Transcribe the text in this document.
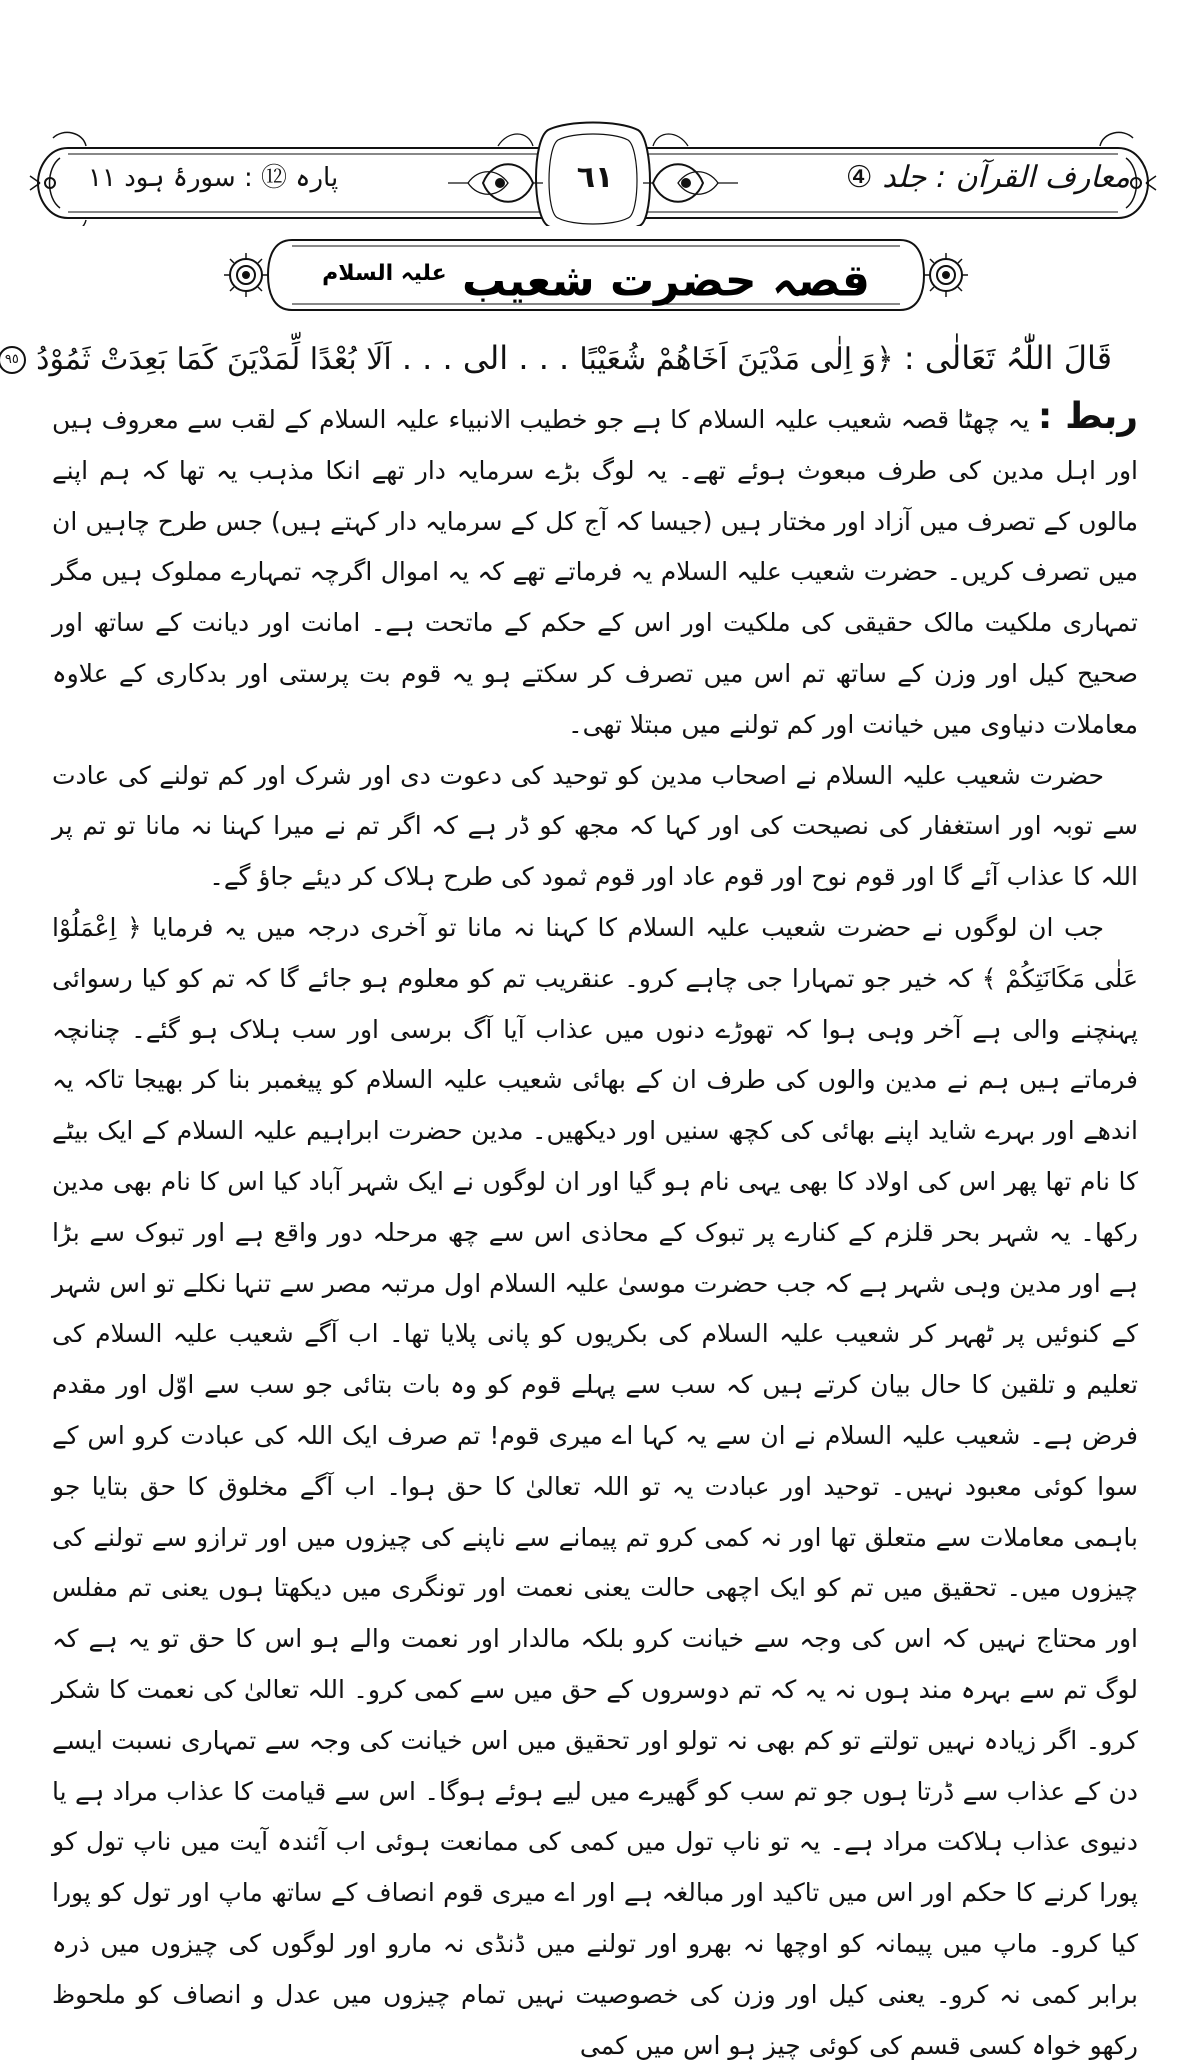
معارف القرآن : جلد ④
٦١
پارہ ⑫ : سورۂ ہود ١١
قصہ حضرت شعیب $^{علیہ السلام}$
قَالَ اللّٰہُ تَعَالٰی : ﴿وَ اِلٰی مَدْیَنَ اَخَاھُمْ شُعَیْبًا . . . الی . . . اَلَا بُعْدًا لِّمَدْیَنَ کَمَا بَعِدَتْ ثَمُوْدُ ٩٥

ربط : یہ چھٹا قصہ شعیب علیہ السلام کا ہے جو خطیب الانبیاء علیہ السلام کے لقب سے معروف ہیں اور اہل مدین کی طرف مبعوث ہوئے تھے۔ یہ لوگ بڑے سرمایہ دار تھے انکا مذہب یہ تھا کہ ہم اپنے مالوں کے تصرف میں آزاد اور مختار ہیں (جیسا کہ آج کل کے سرمایہ دار کہتے ہیں) جس طرح چاہیں ان میں تصرف کریں۔ حضرت شعیب علیہ السلام یہ فرماتے تھے کہ یہ اموال اگرچہ تمہارے مملوک ہیں مگر تمہاری ملکیت مالک حقیقی کی ملکیت اور اس کے حکم کے ماتحت ہے۔ امانت اور دیانت کے ساتھ اور صحیح کیل اور وزن کے ساتھ تم اس میں تصرف کر سکتے ہو یہ قوم بت پرستی اور بدکاری کے علاوہ معاملات دنیاوی میں خیانت اور کم تولنے میں مبتلا تھی۔

حضرت شعیب علیہ السلام نے اصحاب مدین کو توحید کی دعوت دی اور شرک اور کم تولنے کی عادت سے توبہ اور استغفار کی نصیحت کی اور کہا کہ مجھ کو ڈر ہے کہ اگر تم نے میرا کہنا نہ مانا تو تم پر اللہ کا عذاب آئے گا اور قوم نوح اور قوم عاد اور قوم ثمود کی طرح ہلاک کر دیئے جاؤ گے۔

جب ان لوگوں نے حضرت شعیب علیہ السلام کا کہنا نہ مانا تو آخری درجہ میں یہ فرمایا ﴿ اِعْمَلُوْا عَلٰی مَکَانَتِکُمْ ﴾ کہ خیر جو تمہارا جی چاہے کرو۔ عنقریب تم کو معلوم ہو جائے گا کہ تم کو کیا رسوائی پہنچنے والی ہے آخر وہی ہوا کہ تھوڑے دنوں میں عذاب آیا آگ برسی اور سب ہلاک ہو گئے۔ چنانچہ فرماتے ہیں ہم نے مدین والوں کی طرف ان کے بھائی شعیب علیہ السلام کو پیغمبر بنا کر بھیجا تاکہ یہ اندھے اور بہرے شاید اپنے بھائی کی کچھ سنیں اور دیکھیں۔ مدین حضرت ابراہیم علیہ السلام کے ایک بیٹے کا نام تھا پھر اس کی اولاد کا بھی یہی نام ہو گیا اور ان لوگوں نے ایک شہر آباد کیا اس کا نام بھی مدین رکھا۔ یہ شہر بحر قلزم کے کنارے پر تبوک کے محاذی اس سے چھ مرحلہ دور واقع ہے اور تبوک سے بڑا ہے اور مدین وہی شہر ہے کہ جب حضرت موسیٰ علیہ السلام اول مرتبہ مصر سے تنہا نکلے تو اس شہر کے کنوئیں پر ٹھہر کر شعیب علیہ السلام کی بکریوں کو پانی پلایا تھا۔ اب آگے شعیب علیہ السلام کی تعلیم و تلقین کا حال بیان کرتے ہیں کہ سب سے پہلے قوم کو وہ بات بتائی جو سب سے اوّل اور مقدم فرض ہے۔ شعیب علیہ السلام نے ان سے یہ کہا اے میری قوم! تم صرف ایک اللہ کی عبادت کرو اس کے سوا کوئی معبود نہیں۔ توحید اور عبادت یہ تو اللہ تعالیٰ کا حق ہوا۔ اب آگے مخلوق کا حق بتایا جو باہمی معاملات سے متعلق تھا اور نہ کمی کرو تم پیمانے سے ناپنے کی چیزوں میں اور ترازو سے تولنے کی چیزوں میں۔ تحقیق میں تم کو ایک اچھی حالت یعنی نعمت اور تونگری میں دیکھتا ہوں یعنی تم مفلس اور محتاج نہیں کہ اس کی وجہ سے خیانت کرو بلکہ مالدار اور نعمت والے ہو اس کا حق تو یہ ہے کہ لوگ تم سے بہرہ مند ہوں نہ یہ کہ تم دوسروں کے حق میں سے کمی کرو۔ اللہ تعالیٰ کی نعمت کا شکر کرو۔ اگر زیادہ نہیں تولتے تو کم بھی نہ تولو اور تحقیق میں اس خیانت کی وجہ سے تمہاری نسبت ایسے دن کے عذاب سے ڈرتا ہوں جو تم سب کو گھیرے میں لیے ہوئے ہوگا۔ اس سے قیامت کا عذاب مراد ہے یا دنیوی عذاب ہلاکت مراد ہے۔ یہ تو ناپ تول میں کمی کی ممانعت ہوئی اب آئندہ آیت میں ناپ تول کو پورا کرنے کا حکم اور اس میں تاکید اور مبالغہ ہے اور اے میری قوم انصاف کے ساتھ ماپ اور تول کو پورا کیا کرو۔ ماپ میں پیمانہ کو اوچھا نہ بھرو اور تولنے میں ڈنڈی نہ مارو اور لوگوں کی چیزوں میں ذرہ برابر کمی نہ کرو۔ یعنی کیل اور وزن کی خصوصیت نہیں تمام چیزوں میں عدل و انصاف کو ملحوظ رکھو خواہ کسی قسم کی کوئی چیز ہو اس میں کمی
